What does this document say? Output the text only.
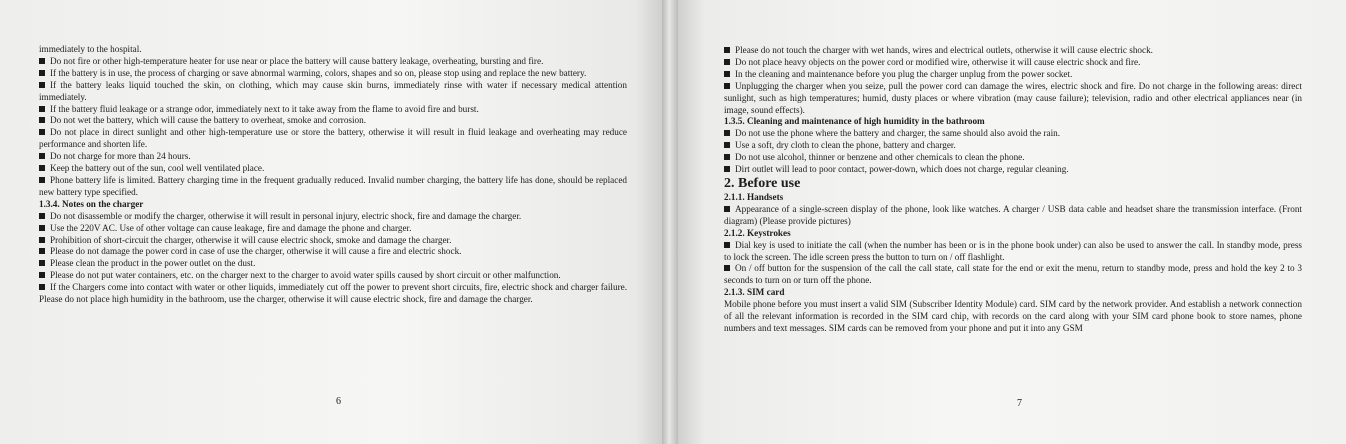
immediately to the hospital.

Do not fire or other high-temperature heater for use near or place the battery will cause battery leakage, overheating, bursting and fire.

If the battery is in use, the process of charging or save abnormal warming, colors, shapes and so on, please stop using and replace the new battery.

If the battery leaks liquid touched the skin, on clothing, which may cause skin burns, immediately rinse with water if necessary medical attention immediately.

If the battery fluid leakage or a strange odor, immediately next to it take away from the flame to avoid fire and burst.

Do not wet the battery, which will cause the battery to overheat, smoke and corrosion.

Do not place in direct sunlight and other high-temperature use or store the battery, otherwise it will result in fluid leakage and overheating may reduce performance and shorten life.

Do not charge for more than 24 hours.

Keep the battery out of the sun, cool well ventilated place.

Phone battery life is limited. Battery charging time in the frequent gradually reduced. Invalid number charging, the battery life has done, should be replaced new battery type specified.

1.3.4. Notes on the charger

Do not disassemble or modify the charger, otherwise it will result in personal injury, electric shock, fire and damage the charger.

Use the 220V AC. Use of other voltage can cause leakage, fire and damage the phone and charger.

Prohibition of short-circuit the charger, otherwise it will cause electric shock, smoke and damage the charger.

Please do not damage the power cord in case of use the charger, otherwise it will cause a fire and electric shock.

Please clean the product in the power outlet on the dust.

Please do not put water containers, etc. on the charger next to the charger to avoid water spills caused by short circuit or other malfunction.

If the Chargers come into contact with water or other liquids, immediately cut off the power to prevent short circuits, fire, electric shock and charger failure. Please do not place high humidity in the bathroom, use the charger, otherwise it will cause electric shock, fire and damage the charger.

6

Please do not touch the charger with wet hands, wires and electrical outlets, otherwise it will cause electric shock.

Do not place heavy objects on the power cord or modified wire, otherwise it will cause electric shock and fire.

In the cleaning and maintenance before you plug the charger unplug from the power socket.

Unplugging the charger when you seize, pull the power cord can damage the wires, electric shock and fire. Do not charge in the following areas: direct sunlight, such as high temperatures; humid, dusty places or where vibration (may cause failure); television, radio and other electrical appliances near (in image, sound effects).

1.3.5. Cleaning and maintenance of high humidity in the bathroom

Do not use the phone where the battery and charger, the same should also avoid the rain.

Use a soft, dry cloth to clean the phone, battery and charger.

Do not use alcohol, thinner or benzene and other chemicals to clean the phone.

Dirt outlet will lead to poor contact, power-down, which does not charge, regular cleaning.

2. Before use

2.1.1. Handsets

Appearance of a single-screen display of the phone, look like watches. A charger / USB data cable and headset share the transmission interface. (Front diagram) (Please provide pictures)

2.1.2. Keystrokes

Dial key is used to initiate the call (when the number has been or is in the phone book under) can also be used to answer the call. In standby mode, press to lock the screen. The idle screen press the button to turn on / off flashlight.

On / off button for the suspension of the call the call state, call state for the end or exit the menu, return to standby mode, press and hold the key 2 to 3 seconds to turn on or turn off the phone.

2.1.3. SIM card

Mobile phone before you must insert a valid SIM (Subscriber Identity Module) card. SIM card by the network provider. And establish a network connection of all the relevant information is recorded in the SIM card chip, with records on the card along with your SIM card phone book to store names, phone numbers and text messages. SIM cards can be removed from your phone and put it into any GSM

7
